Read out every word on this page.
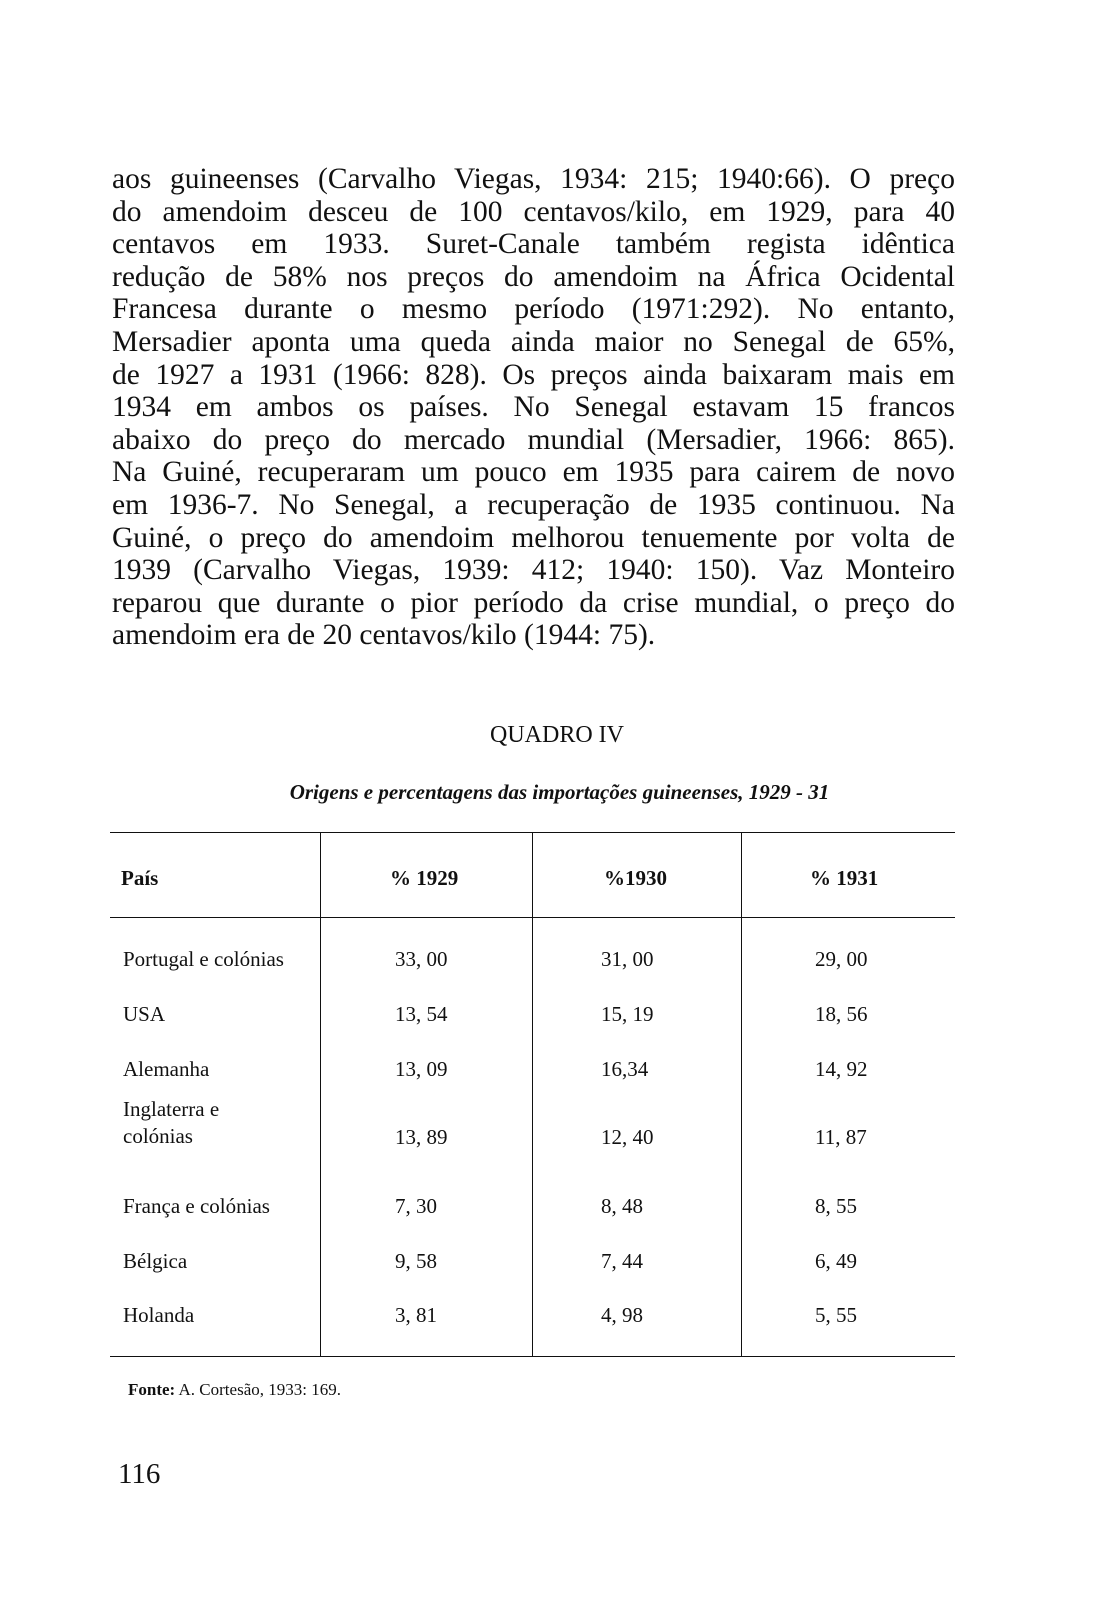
aos guineenses (Carvalho Viegas, 1934: 215; 1940:66). O preço
do amendoim desceu de 100 centavos/kilo, em 1929, para 40
centavos em 1933. Suret-Canale também regista idêntica
redução de 58% nos preços do amendoim na África Ocidental
Francesa durante o mesmo período (1971:292). No entanto,
Mersadier aponta uma queda ainda maior no Senegal de 65%,
de 1927 a 1931 (1966: 828). Os preços ainda baixaram mais em
1934 em ambos os países. No Senegal estavam 15 francos
abaixo do preço do mercado mundial (Mersadier, 1966: 865).
Na Guiné, recuperaram um pouco em 1935 para cairem de novo
em 1936-7. No Senegal, a recuperação de 1935 continuou. Na
Guiné, o preço do amendoim melhorou tenuemente por volta de
1939 (Carvalho Viegas, 1939: 412; 1940: 150). Vaz Monteiro
reparou que durante o pior período da crise mundial, o preço do
amendoim era de 20 centavos/kilo (1944: 75).
QUADRO IV
Origens e percentagens das importações guineenses, 1929 - 31
País	% 1929	%1930	% 1931
Portugal e colónias	33, 00	31, 00	29, 00
USA	13, 54	15, 19	18, 56
Alemanha	13, 09	16,34	14, 92
Inglaterra e
colónias	13, 89	12, 40	11, 87
França e colónias	7, 30	8, 48	8, 55
Bélgica	9, 58	7, 44	6, 49
Holanda	3, 81	4, 98	5, 55
Fonte: A. Cortesão, 1933: 169.
116
